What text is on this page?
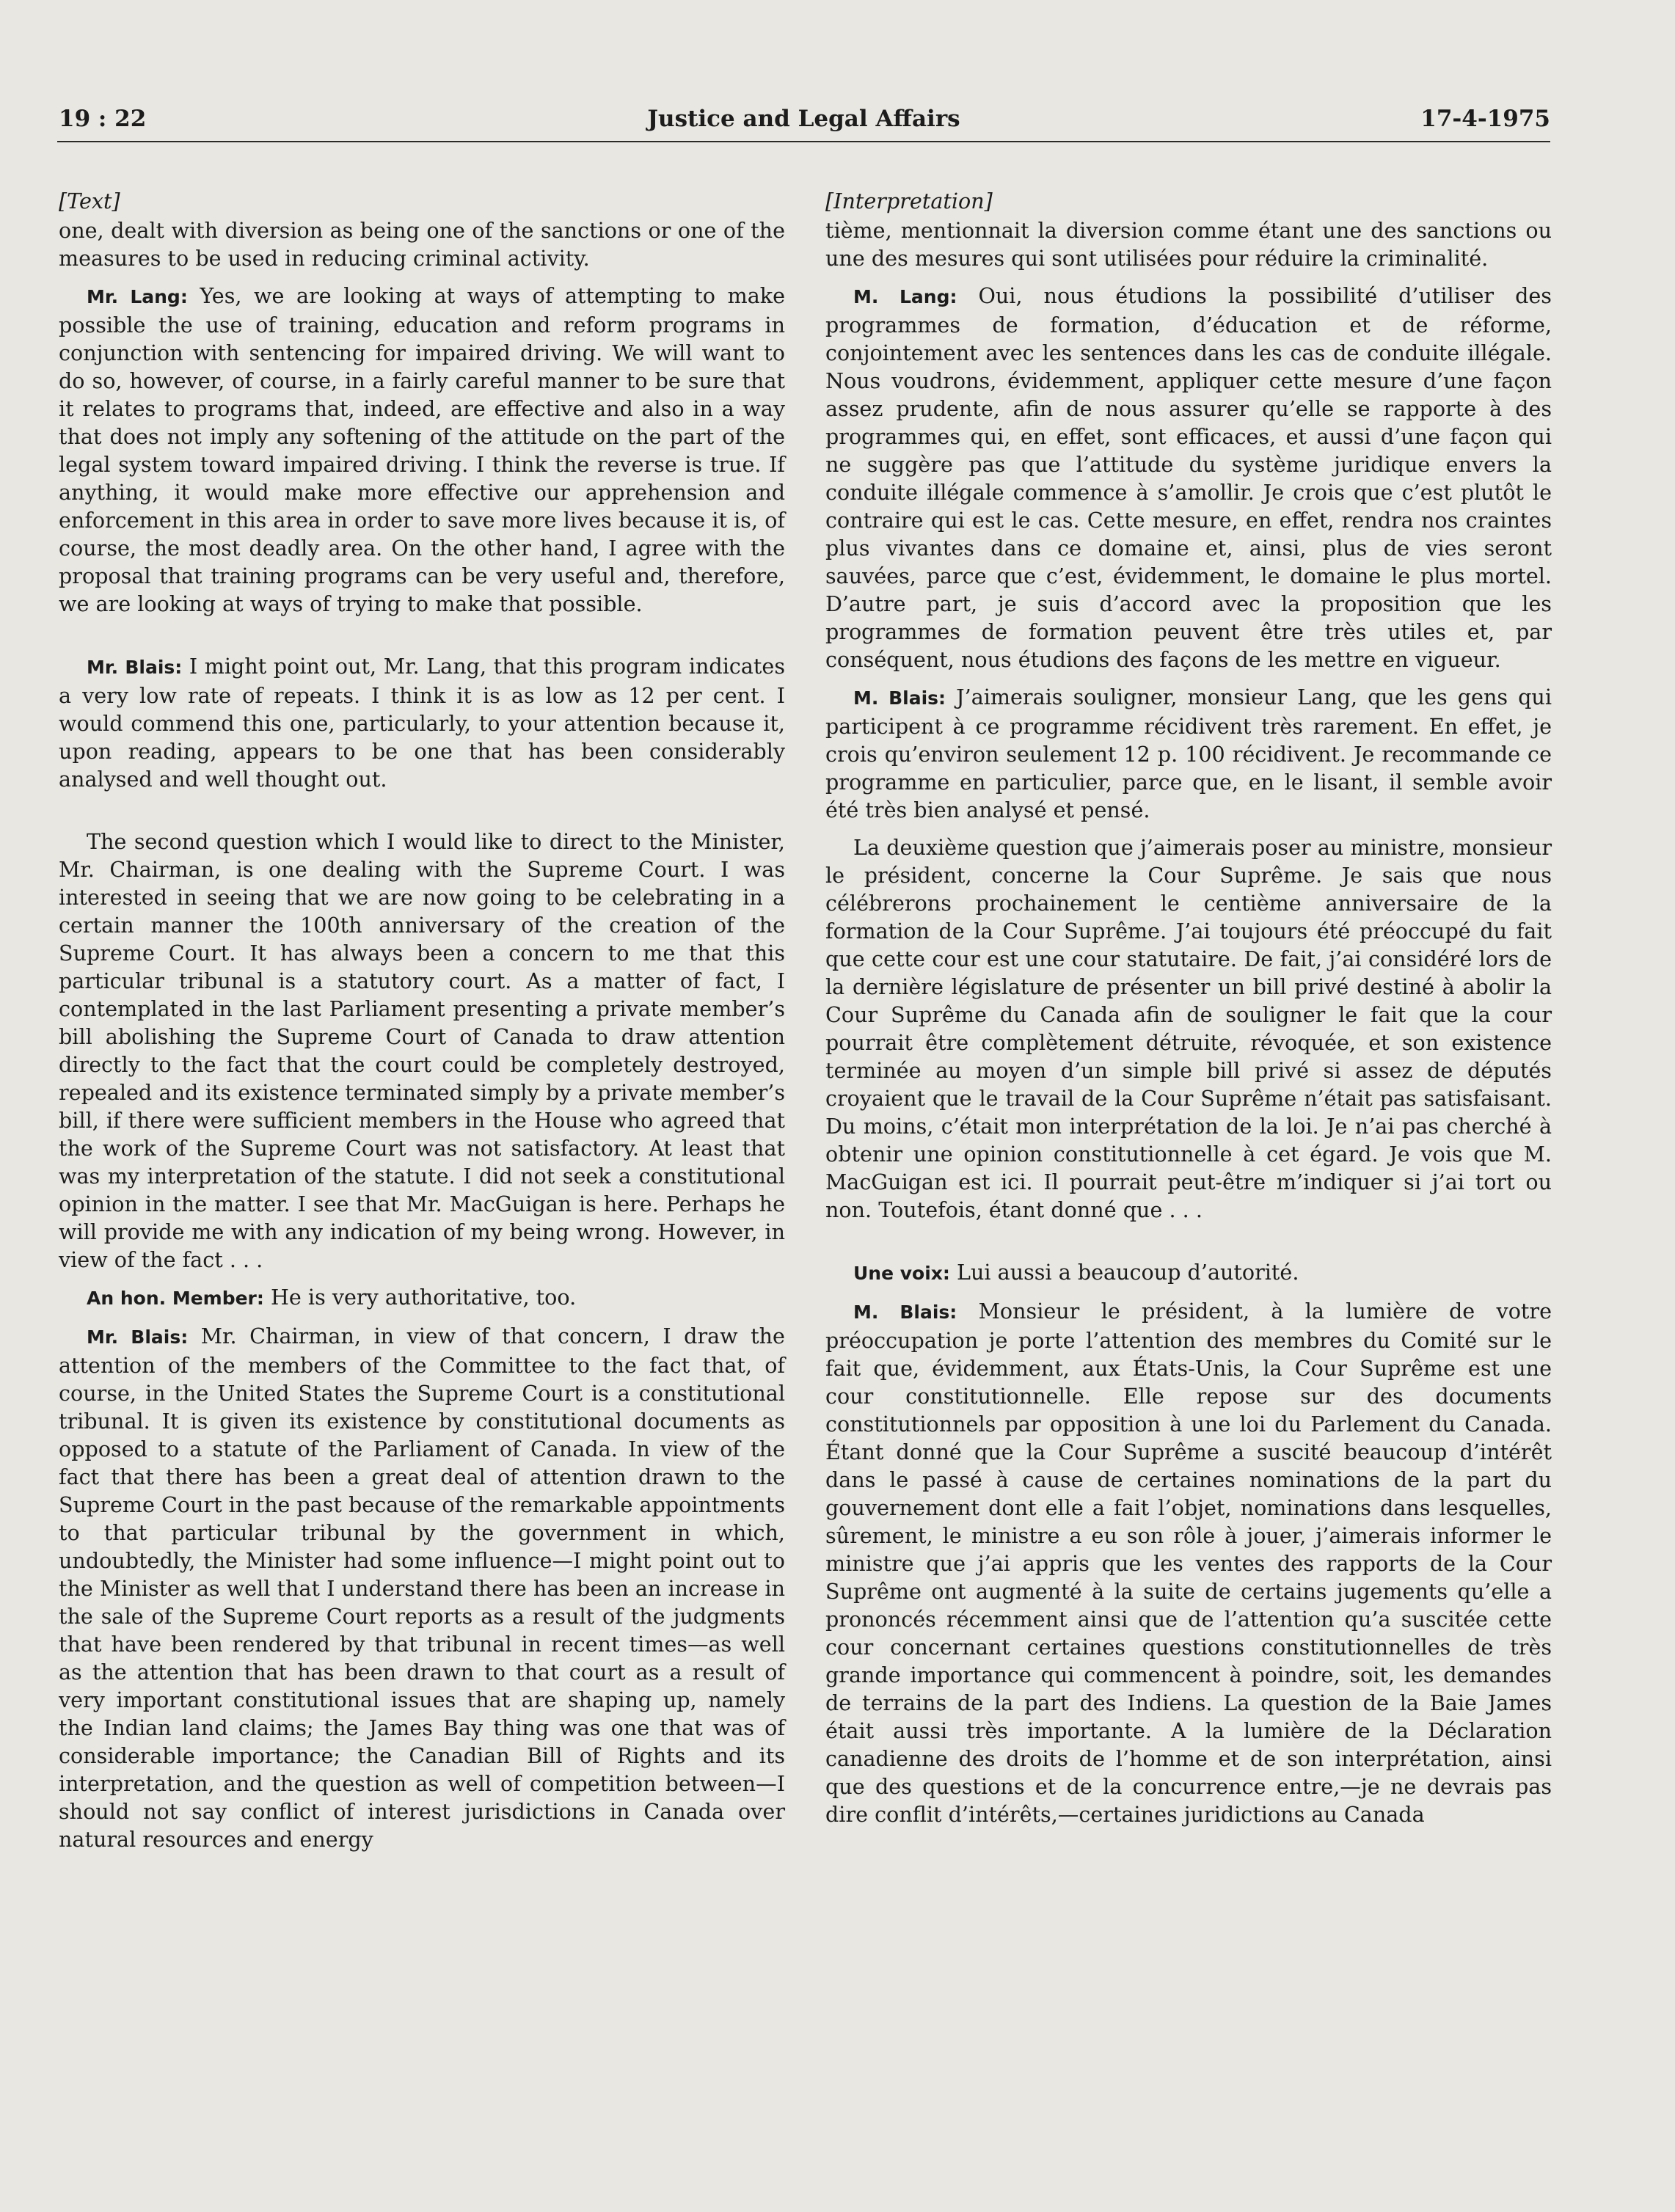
19 : 22	Justice and Legal Affairs	17-4-1975

[Text]

one, dealt with diversion as being one of the sanctions or one of the measures to be used in reducing criminal activity.

Mr. Lang: Yes, we are looking at ways of attempting to make possible the use of training, education and reform programs in conjunction with sentencing for impaired driving. We will want to do so, however, of course, in a fairly careful manner to be sure that it relates to programs that, indeed, are effective and also in a way that does not imply any softening of the attitude on the part of the legal system toward impaired driving. I think the reverse is true. If anything, it would make more effective our apprehension and enforcement in this area in order to save more lives because it is, of course, the most deadly area. On the other hand, I agree with the proposal that training programs can be very useful and, therefore, we are looking at ways of trying to make that possible.

Mr. Blais: I might point out, Mr. Lang, that this program indicates a very low rate of repeats. I think it is as low as 12 per cent. I would commend this one, particularly, to your attention because it, upon reading, appears to be one that has been considerably analysed and well thought out.

The second question which I would like to direct to the Minister, Mr. Chairman, is one dealing with the Supreme Court. I was interested in seeing that we are now going to be celebrating in a certain manner the 100th anniversary of the creation of the Supreme Court. It has always been a concern to me that this particular tribunal is a statutory court. As a matter of fact, I contemplated in the last Parliament presenting a private member’s bill abolishing the Supreme Court of Canada to draw attention directly to the fact that the court could be completely destroyed, repealed and its existence terminated simply by a private member’s bill, if there were sufficient members in the House who agreed that the work of the Supreme Court was not satisfactory. At least that was my interpretation of the statute. I did not seek a constitutional opinion in the matter. I see that Mr. MacGuigan is here. Perhaps he will provide me with any indication of my being wrong. However, in view of the fact . . .

An hon. Member: He is very authoritative, too.

Mr. Blais: Mr. Chairman, in view of that concern, I draw the attention of the members of the Committee to the fact that, of course, in the United States the Supreme Court is a constitutional tribunal. It is given its existence by constitutional documents as opposed to a statute of the Parliament of Canada. In view of the fact that there has been a great deal of attention drawn to the Supreme Court in the past because of the remarkable appointments to that particular tribunal by the government in which, undoubtedly, the Minister had some influence—I might point out to the Minister as well that I understand there has been an increase in the sale of the Supreme Court reports as a result of the judgments that have been rendered by that tribunal in recent times—as well as the attention that has been drawn to that court as a result of very important constitutional issues that are shaping up, namely the Indian land claims; the James Bay thing was one that was of considerable importance; the Canadian Bill of Rights and its interpretation, and the question as well of competition between—I should not say conflict of interest jurisdictions in Canada over natural resources and energy

[Interpretation]

tième, mentionnait la diversion comme étant une des sanctions ou une des mesures qui sont utilisées pour réduire la criminalité.

M. Lang: Oui, nous étudions la possibilité d’utiliser des programmes de formation, d’éducation et de réforme, conjointement avec les sentences dans les cas de conduite illégale. Nous voudrons, évidemment, appliquer cette mesure d’une façon assez prudente, afin de nous assurer qu’elle se rapporte à des programmes qui, en effet, sont efficaces, et aussi d’une façon qui ne suggère pas que l’attitude du système juridique envers la conduite illégale commence à s’amollir. Je crois que c’est plutôt le contraire qui est le cas. Cette mesure, en effet, rendra nos craintes plus vivantes dans ce domaine et, ainsi, plus de vies seront sauvées, parce que c’est, évidemment, le domaine le plus mortel. D’autre part, je suis d’accord avec la proposition que les programmes de formation peuvent être très utiles et, par conséquent, nous étudions des façons de les mettre en vigueur.

M. Blais: J’aimerais souligner, monsieur Lang, que les gens qui participent à ce programme récidivent très rarement. En effet, je crois qu’environ seulement 12 p. 100 récidivent. Je recommande ce programme en particulier, parce que, en le lisant, il semble avoir été très bien analysé et pensé.

La deuxième question que j’aimerais poser au ministre, monsieur le président, concerne la Cour Suprême. Je sais que nous célébrerons prochainement le centième anniversaire de la formation de la Cour Suprême. J’ai toujours été préoccupé du fait que cette cour est une cour statutaire. De fait, j’ai considéré lors de la dernière législature de présenter un bill privé destiné à abolir la Cour Suprême du Canada afin de souligner le fait que la cour pourrait être complètement détruite, révoquée, et son existence terminée au moyen d’un simple bill privé si assez de députés croyaient que le travail de la Cour Suprême n’était pas satisfaisant. Du moins, c’était mon interprétation de la loi. Je n’ai pas cherché à obtenir une opinion constitutionnelle à cet égard. Je vois que M. MacGuigan est ici. Il pourrait peut-être m’indiquer si j’ai tort ou non. Toutefois, étant donné que . . .

Une voix: Lui aussi a beaucoup d’autorité.

M. Blais: Monsieur le président, à la lumière de votre préoccupation je porte l’attention des membres du Comité sur le fait que, évidemment, aux États-Unis, la Cour Suprême est une cour constitutionnelle. Elle repose sur des documents constitutionnels par opposition à une loi du Parlement du Canada. Étant donné que la Cour Suprême a suscité beaucoup d’intérêt dans le passé à cause de certaines nominations de la part du gouvernement dont elle a fait l’objet, nominations dans lesquelles, sûrement, le ministre a eu son rôle à jouer, j’aimerais informer le ministre que j’ai appris que les ventes des rapports de la Cour Suprême ont augmenté à la suite de certains jugements qu’elle a prononcés récemment ainsi que de l’attention qu’a suscitée cette cour concernant certaines questions constitutionnelles de très grande importance qui commencent à poindre, soit, les demandes de terrains de la part des Indiens. La question de la Baie James était aussi très importante. A la lumière de la Déclaration canadienne des droits de l’homme et de son interprétation, ainsi que des questions et de la concurrence entre,—je ne devrais pas dire conflit d’intérêts,—certaines juridictions au Canada
